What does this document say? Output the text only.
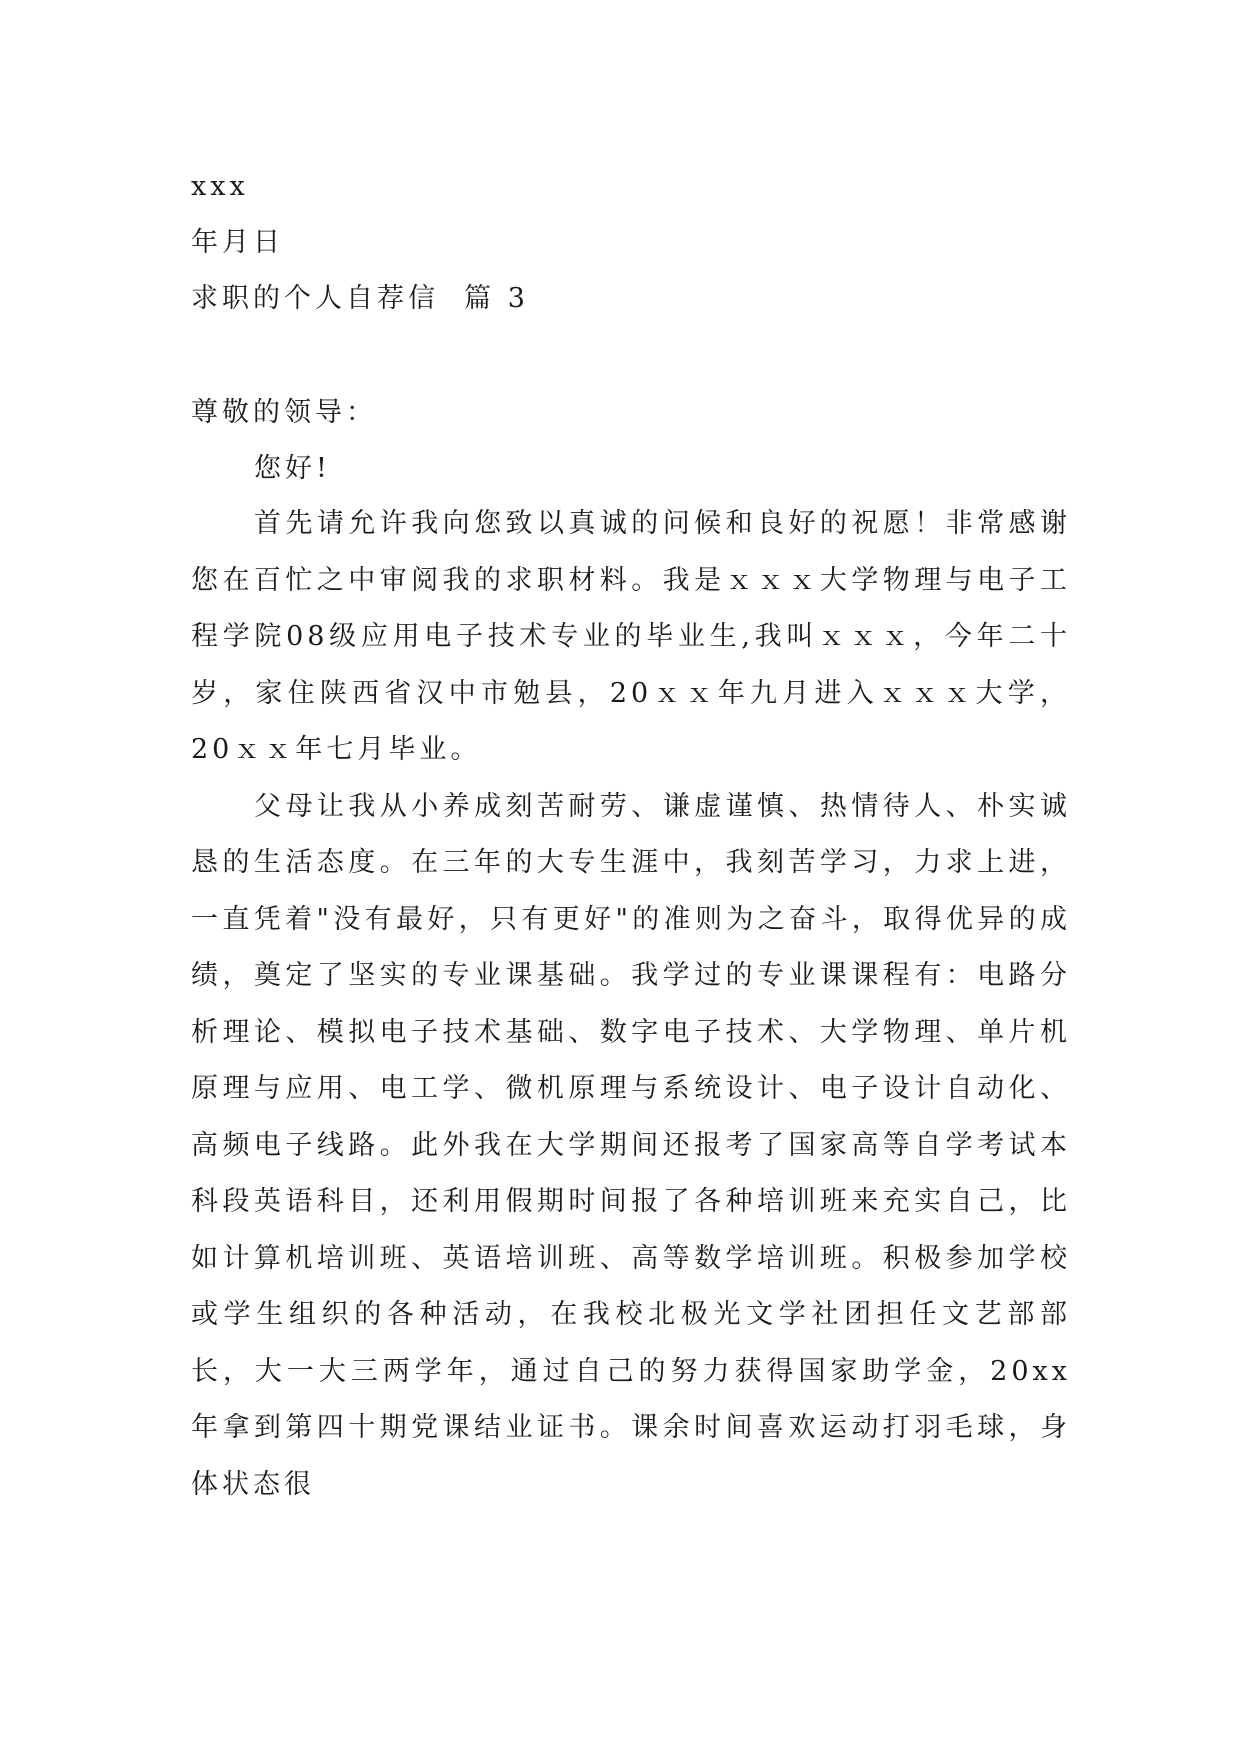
xxx
年月日
求职的个人自荐信  篇 3
尊敬的领导：
您好!

首先请允许我向您致以真诚的问候和良好的祝愿！非常感谢您在百忙之中审阅我的求职材料。我是ｘｘｘ大学物理与电子工程学院08级应用电子技术专业的毕业生,我叫ｘｘｘ，今年二十岁，家住陕西省汉中市勉县，20ｘｘ年九月进入ｘｘｘ大学，20ｘｘ年七月毕业。

父母让我从小养成刻苦耐劳、谦虚谨慎、热情待人、朴实诚恳的生活态度。在三年的大专生涯中，我刻苦学习，力求上进，一直凭着"没有最好，只有更好"的准则为之奋斗，取得优异的成绩，奠定了坚实的专业课基础。我学过的专业课课程有：电路分析理论、模拟电子技术基础、数字电子技术、大学物理、单片机原理与应用、电工学、微机原理与系统设计、电子设计自动化、高频电子线路。此外我在大学期间还报考了国家高等自学考试本科段英语科目，还利用假期时间报了各种培训班来充实自己，比如计算机培训班、英语培训班、高等数学培训班。积极参加学校或学生组织的各种活动，在我校北极光文学社团担任文艺部部长，大一大三两学年，通过自己的努力获得国家助学金，20xx年拿到第四十期党课结业证书。课余时间喜欢运动打羽毛球，身体状态很
